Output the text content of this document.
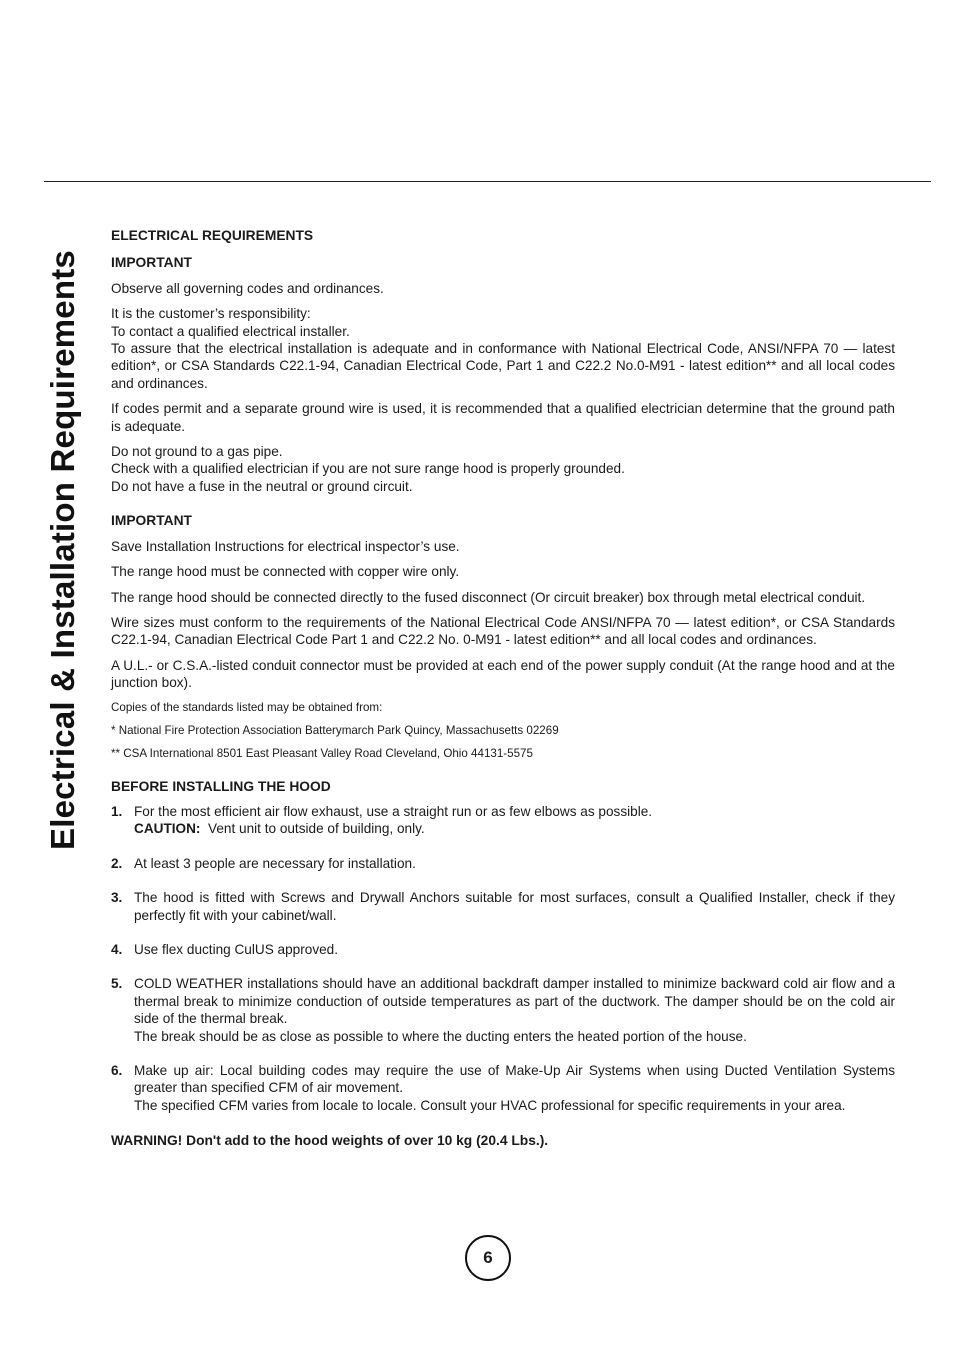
Electrical & Installation Requirements
ELECTRICAL REQUIREMENTS
IMPORTANT

Observe all governing codes and ordinances.

It is the customer’s responsibility:
To contact a qualified electrical installer.
To assure that the electrical installation is adequate and in conformance with National Electrical Code, ANSI/NFPA 70 — latest edition*, or CSA Standards C22.1-94, Canadian Electrical Code, Part 1 and C22.2 No.0-M91 - latest edition** and all local codes and ordinances.

If codes permit and a separate ground wire is used, it is recommended that a qualified electrician determine that the ground path is adequate.

Do not ground to a gas pipe.
Check with a qualified electrician if you are not sure range hood is properly grounded.
Do not have a fuse in the neutral or ground circuit.

IMPORTANT

Save Installation Instructions for electrical inspector’s use.

The range hood must be connected with copper wire only.

The range hood should be connected directly to the fused disconnect (Or circuit breaker) box through metal electrical conduit.

Wire sizes must conform to the requirements of the National Electrical Code ANSI/NFPA 70 — latest edition*, or CSA Standards C22.1-94, Canadian Electrical Code Part 1 and C22.2 No. 0-M91 - latest edition** and all local codes and ordinances.

A U.L.- or C.S.A.-listed conduit connector must be provided at each end of the power supply conduit (At the range hood and at the junction box).

Copies of the standards listed may be obtained from:

* National Fire Protection Association Batterymarch Park Quincy, Massachusetts 02269

** CSA International 8501 East Pleasant Valley Road Cleveland, Ohio 44131-5575

BEFORE INSTALLING THE HOOD
1. For the most efficient air flow exhaust, use a straight run or as few elbows as possible.
CAUTION: Vent unit to outside of building, only.
2. At least 3 people are necessary for installation.
3. The hood is fitted with Screws and Drywall Anchors suitable for most surfaces, consult a Qualified Installer, check if they perfectly fit with your cabinet/wall.
4. Use flex ducting CulUS approved.
5. COLD WEATHER installations should have an additional backdraft damper installed to minimize backward cold air flow and a thermal break to minimize conduction of outside temperatures as part of the ductwork. The damper should be on the cold air side of the thermal break.
The break should be as close as possible to where the ducting enters the heated portion of the house.
6. Make up air: Local building codes may require the use of Make-Up Air Systems when using Ducted Ventilation Systems greater than specified CFM of air movement.
The specified CFM varies from locale to locale. Consult your HVAC professional for specific requirements in your area.
WARNING! Don't add to the hood weights of over 10 kg (20.4 Lbs.).
6
